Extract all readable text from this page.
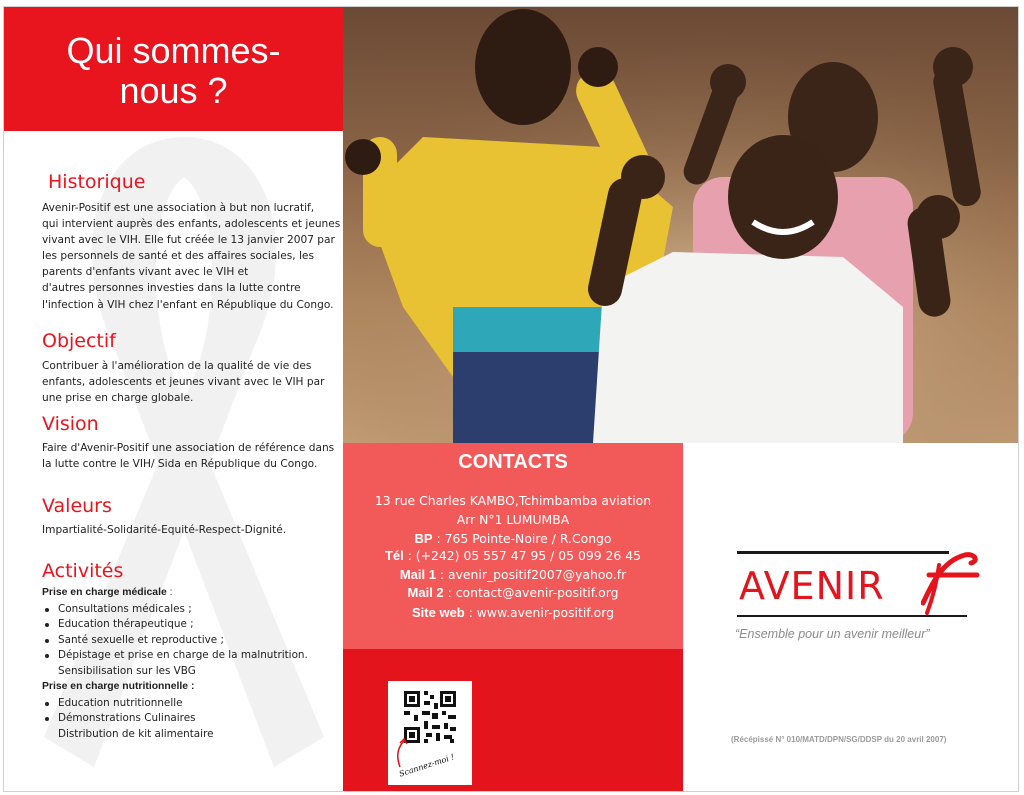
Qui sommes-
nous ?
Historique
Avenir-Positif est une association à but non lucratif,
qui intervient auprès des enfants, adolescents et jeunes
vivant avec le VIH. Elle fut créée le 13 janvier 2007 par
les personnels de santé et des affaires sociales, les
parents d'enfants vivant avec le VIH et
d'autres personnes investies dans la lutte contre
l'infection à VIH chez l'enfant en République du Congo.
Objectif
Contribuer à l'amélioration de la qualité de vie des
enfants, adolescents et jeunes vivant avec le VIH par
une prise en charge globale.
Vision
Faire d'Avenir-Positif une association de référence dans
la lutte contre le VIH/ Sida en République du Congo.
Valeurs
Impartialité-Solidarité-Equité-Respect-Dignité.
Activités
Prise en charge médicale :
Consultations médicales ;
Education thérapeutique ;
Santé sexuelle et reproductive ;
Dépistage et prise en charge de la malnutrition.
Sensibilisation sur les VBG
Prise en charge nutritionnelle :
Education nutritionnelle
Démonstrations Culinaires
Distribution de kit alimentaire
CONTACTS
13 rue Charles KAMBO,Tchimbamba aviation
Arr N°1 LUMUMBA
BP : 765 Pointe-Noire / R.Congo
Tél : (+242) 05 557 47 95 / 05 099 26 45
Mail 1 : avenir_positif2007@yahoo.fr
Mail 2 : contact@avenir-positif.org
Site web : www.avenir-positif.org
Scannez-moi !
AVENIR
“Ensemble pour un avenir meilleur”
(Récépissé N° 010/MATD/DPN/SG/DDSP du 20 avril 2007)
